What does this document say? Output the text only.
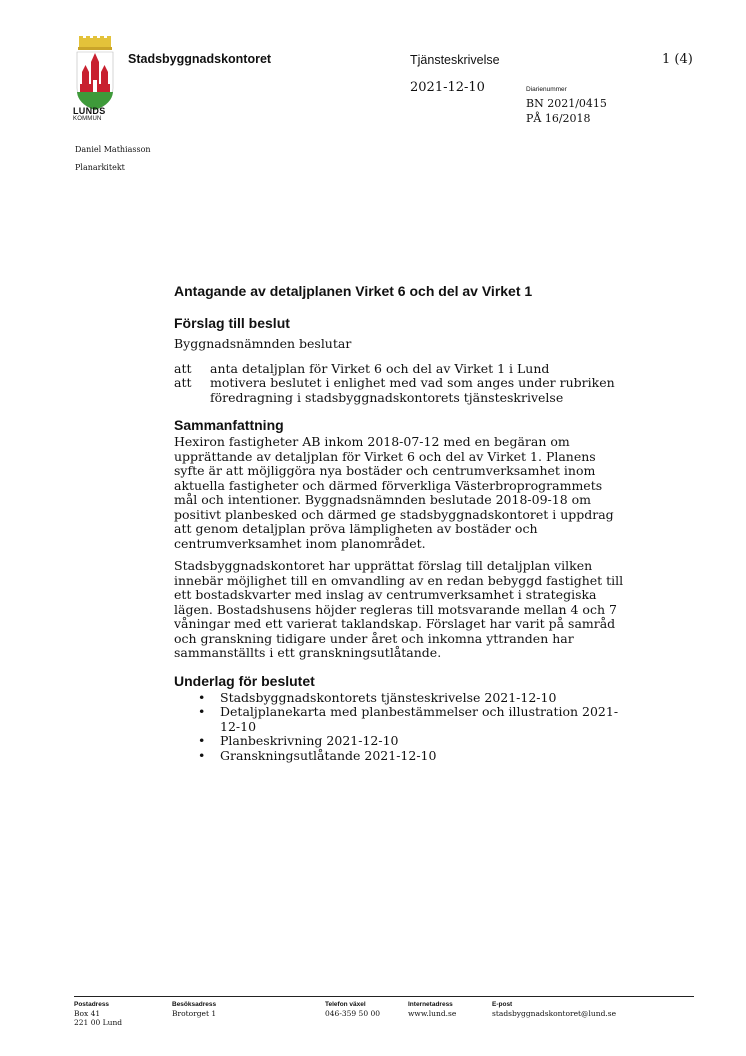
LUNDS
KOMMUN
Stadsbyggnadskontoret	Tjänsteskrivelse	1 (4)
2021-12-10	Diarienummer
BN 2021/0415
PÅ 16/2018
Daniel Mathiasson
Planarkitekt
Antagande av detaljplanen Virket 6 och del av Virket 1
Förslag till beslut

Byggnadsnämnden beslutar

att	anta detaljplan för Virket 6 och del av Virket 1 i Lund
att	motivera beslutet i enlighet med vad som anges under rubriken föredragning i stadsbyggnadskontorets tjänsteskrivelse
Sammanfattning

Hexiron fastigheter AB inkom 2018-07-12 med en begäran om upprättande av detaljplan för Virket 6 och del av Virket 1. Planens syfte är att möjliggöra nya bostäder och centrumverksamhet inom aktuella fastigheter och därmed förverkliga Västerbroprogrammets mål och intentioner. Byggnadsnämnden beslutade 2018-09-18 om positivt planbesked och därmed ge stadsbyggnadskontoret i uppdrag att genom detaljplan pröva lämpligheten av bostäder och centrumverksamhet inom planområdet.

Stadsbyggnadskontoret har upprättat förslag till detaljplan vilken innebär möjlighet till en omvandling av en redan bebyggd fastighet till ett bostadskvarter med inslag av centrumverksamhet i strategiska lägen. Bostadshusens höjder regleras till motsvarande mellan 4 och 7 våningar med ett varierat taklandskap. Förslaget har varit på samråd och granskning tidigare under året och inkomna yttranden har sammanställts i ett granskningsutlåtande.

Underlag för beslutet
• Stadsbyggnadskontorets tjänsteskrivelse 2021-12-10
• Detaljplanekarta med planbestämmelser och illustration 2021-12-10
• Planbeskrivning 2021-12-10
• Granskningsutlåtande 2021-12-10
Postadress
Box 41
221 00 Lund
Besöksadress
Brotorget 1
Telefon växel
046-359 50 00
Internetadress
www.lund.se
E-post
stadsbyggnadskontoret@lund.se
